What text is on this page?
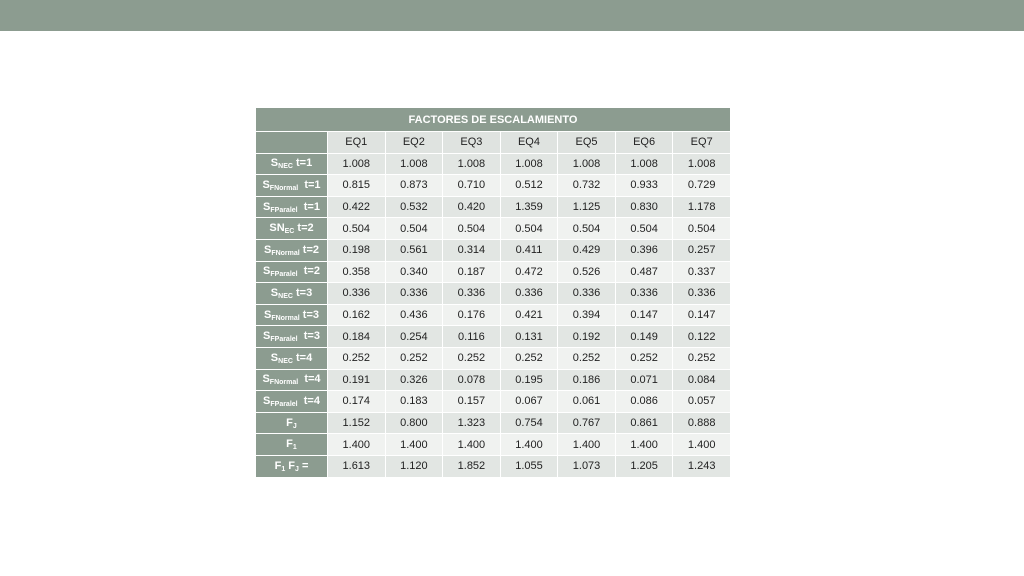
FACTORES DE ESCALAMIENTO							
	EQ1	EQ2	EQ3	EQ4	EQ5	EQ6	EQ7
$S_{NEC}$ t=1	1.008	1.008	1.008	1.008	1.008	1.008	1.008
$S_{FNormal}$  t=1	0.815	0.873	0.710	0.512	0.732	0.933	0.729
$S_{FParalel}$  t=1	0.422	0.532	0.420	1.359	1.125	0.830	1.178
$SN_{EC}$ t=2	0.504	0.504	0.504	0.504	0.504	0.504	0.504
$S_{FNormal}$ t=2	0.198	0.561	0.314	0.411	0.429	0.396	0.257
$S_{FParalel}$  t=2	0.358	0.340	0.187	0.472	0.526	0.487	0.337
$S_{NEC}$ t=3	0.336	0.336	0.336	0.336	0.336	0.336	0.336
$S_{FNormal}$ t=3	0.162	0.436	0.176	0.421	0.394	0.147	0.147
$S_{FParalel}$  t=3	0.184	0.254	0.116	0.131	0.192	0.149	0.122
$S_{NEC}$ t=4	0.252	0.252	0.252	0.252	0.252	0.252	0.252
$S_{FNormal}$  t=4	0.191	0.326	0.078	0.195	0.186	0.071	0.084
$S_{FParalel}$  t=4	0.174	0.183	0.157	0.067	0.061	0.086	0.057
$F_J$	1.152	0.800	1.323	0.754	0.767	0.861	0.888
$F_1$	1.400	1.400	1.400	1.400	1.400	1.400	1.400
$F_1$ $F_J$ =	1.613	1.120	1.852	1.055	1.073	1.205	1.243
